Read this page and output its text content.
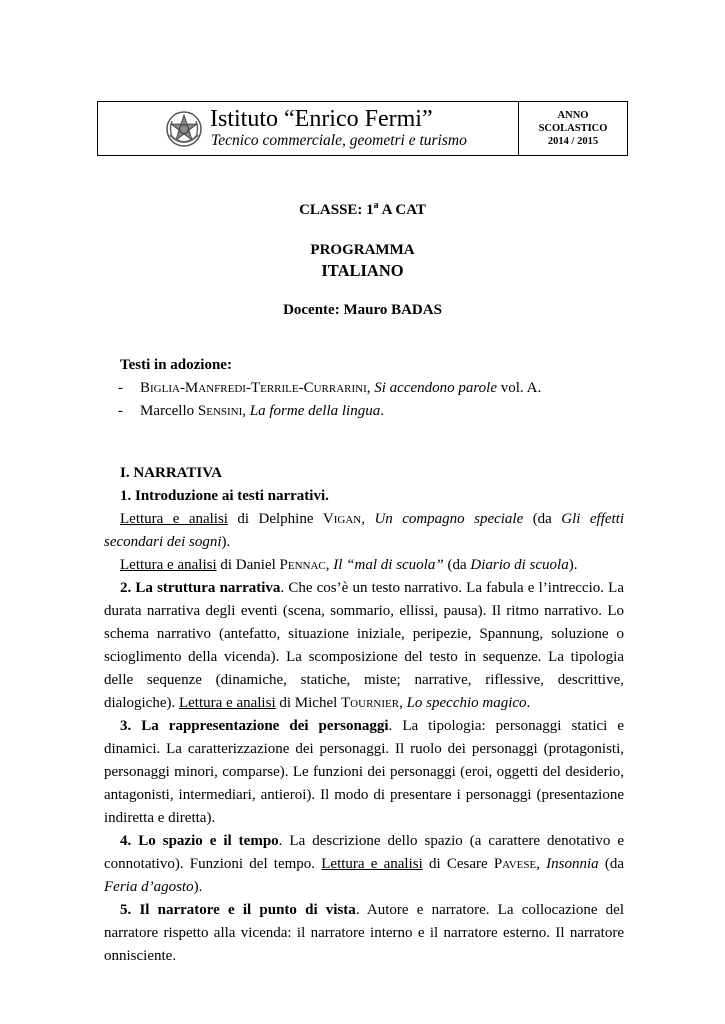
Istituto “Enrico Fermi”
Tecnico commerciale, geometri e turismo
ANNO
SCOLASTICO
2014 / 2015
CLASSE: 1$^a$ A CAT
PROGRAMMA
ITALIANO
Docente: Mauro BADAS

Testi in adozione:

-	Biglia-Manfredi-Terrile-Currarini, Si accendono parole vol. A.
-	Marcello Sensini, La forme della lingua.

I. NARRATIVA

1. Introduzione ai testi narrativi.

Lettura e analisi di Delphine Vigan, Un compagno speciale (da Gli effetti secondari dei sogni).

Lettura e analisi di Daniel Pennac, Il “mal di scuola” (da Diario di scuola).

2. La struttura narrativa. Che cos’è un testo narrativo. La fabula e l’intreccio. La durata narrativa degli eventi (scena, sommario, ellissi, pausa). Il ritmo narrativo. Lo schema narrativo (antefatto, situazione iniziale, peripezie, Spannung, soluzione o scioglimento della vicenda). La scomposizione del testo in sequenze. La tipologia delle sequenze (dinamiche, statiche, miste; narrative, riflessive, descrittive, dialogiche). Lettura e analisi di Michel Tournier, Lo specchio magico.

3. La rappresentazione dei personaggi. La tipologia: personaggi statici e dinamici. La caratterizzazione dei personaggi. Il ruolo dei personaggi (protagonisti, personaggi minori, comparse). Le funzioni dei personaggi (eroi, oggetti del desiderio, antagonisti, intermediari, antieroi). Il modo di presentare i personaggi (presentazione indiretta e diretta).

4. Lo spazio e il tempo. La descrizione dello spazio (a carattere denotativo e connotativo). Funzioni del tempo. Lettura e analisi di Cesare Pavese, Insonnia (da Feria d’agosto).

5. Il narratore e il punto di vista. Autore e narratore. La collocazione del narratore rispetto alla vicenda: il narratore interno e il narratore esterno. Il narratore onnisciente.
